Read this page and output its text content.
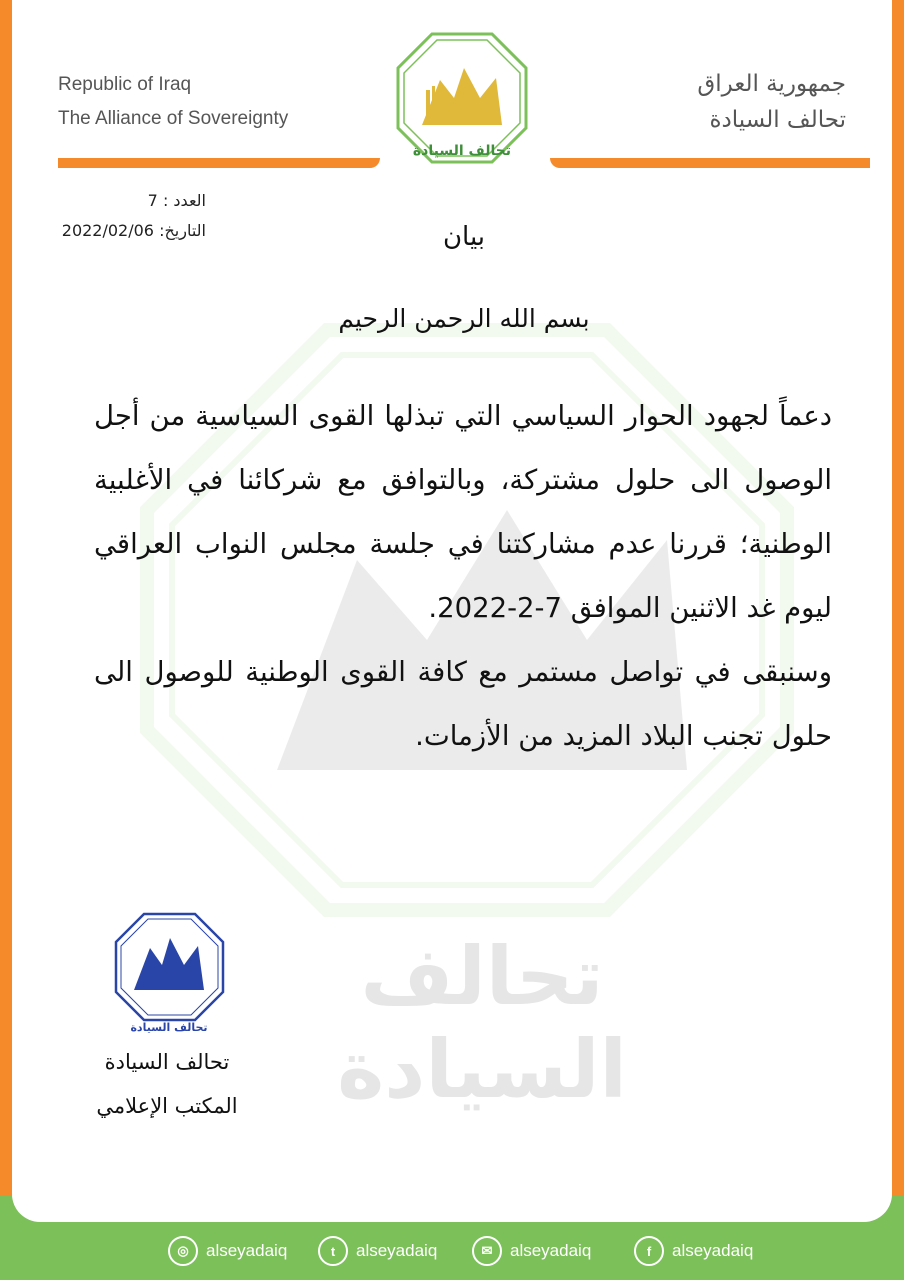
تحالف السيادة
Republic of Iraq
The Alliance of Sovereignty
جمهورية العراق
تحالف السيادة
تحالف السيادة
العدد : 7
التاريخ: 2022/02/06	بيان
بسم الله الرحمن الرحيم

دعماً لجهود الحوار السياسي التي تبذلها القوى السياسية من أجل الوصول الى حلول مشتركة، وبالتوافق مع شركائنا في الأغلبية الوطنية؛ قررنا عدم مشاركتنا في جلسة مجلس النواب العراقي ليوم غد الاثنين الموافق 7-2-2022.

وسنبقى في تواصل مستمر مع كافة القوى الوطنية للوصول الى حلول تجنب البلاد المزيد من الأزمات.

تحالف السيادة
تحالف السيادة
المكتب الإعلامي
◎	alseyadaiq	t	alseyadaiq	✉	alseyadaiq	f	alseyadaiq
